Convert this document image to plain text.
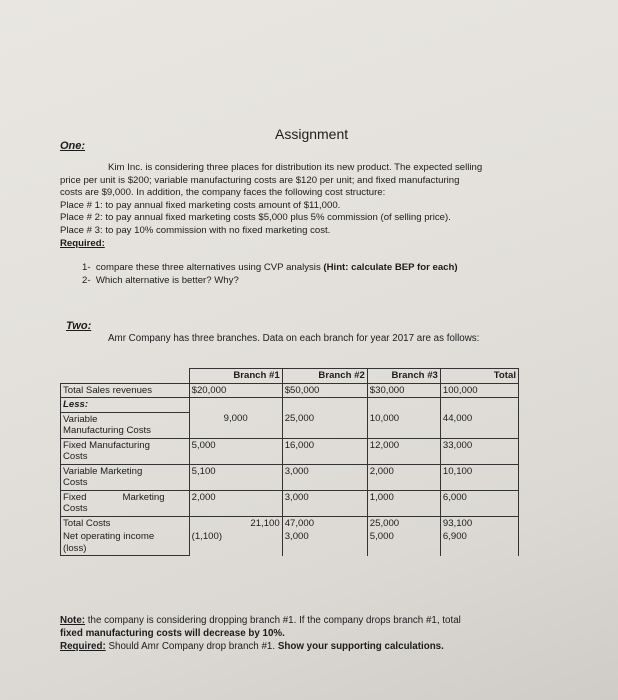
Assignment
One:
Kim Inc. is considering three places for distribution its new product. The expected selling
price per unit is $200; variable manufacturing costs are $120 per unit; and fixed manufacturing
costs are $9,000. In addition, the company faces the following cost structure:
Place # 1: to pay annual fixed marketing costs amount of $11,000.
Place # 2: to pay annual fixed marketing costs $5,000 plus 5% commission (of selling price).
Place # 3: to pay 10% commission with no fixed marketing cost.
Required:
1- compare these three alternatives using CVP analysis (Hint: calculate BEP for each)
2- Which alternative is better? Why?
Two:
Amr Company has three branches. Data on each branch for year 2017 are as follows:
	Branch #1	Branch #2	Branch #3	Total
Total Sales revenues	$20,000	$50,000	$30,000	100,000
Less:				
Variable
Manufacturing Costs	9,000	25,000	10,000	44,000
Fixed Manufacturing
Costs	5,000	16,000	12,000	33,000
Variable Marketing
Costs	5,100	3,000	2,000	10,100
Fixed Marketing
Costs	2,000	3,000	1,000	6,000
Total Costs	21,100	47,000	25,000	93,100
Net operating income
(loss)	(1,100)	3,000	5,000	6,900
Note: the company is considering dropping branch #1. If the company drops branch #1, total
fixed manufacturing costs will decrease by 10%.
Required: Should Amr Company drop branch #1. Show your supporting calculations.
